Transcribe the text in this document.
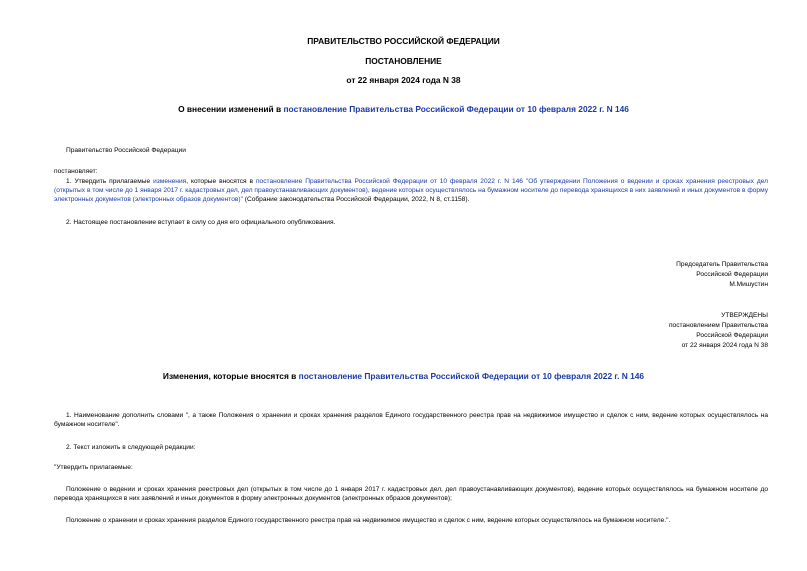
ПРАВИТЕЛЬСТВО РОССИЙСКОЙ ФЕДЕРАЦИИ
ПОСТАНОВЛЕНИЕ
от 22 января 2024 года N 38
О внесении изменений в постановление Правительства Российской Федерации от 10 февраля 2022 г. N 146
Правительство Российской Федерации
постановляет:
1. Утвердить прилагаемые изменения, которые вносятся в постановление Правительства Российской Федерации от 10 февраля 2022 г. N 146 "Об утверждении Положения о ведении и сроках хранения реестровых дел (открытых в том числе до 1 января 2017 г. кадастровых дел, дел правоустанавливающих документов), ведение которых осуществлялось на бумажном носителе до перевода хранящихся в них заявлений и иных документов в форму электронных документов (электронных образов документов)" (Собрание законодательства Российской Федерации, 2022, N 8, ст.1158).
2. Настоящее постановление вступает в силу со дня его официального опубликования.
Председатель Правительства
Российской Федерации
М.Мишустин
УТВЕРЖДЕНЫ
постановлением Правительства
Российской Федерации
от 22 января 2024 года N 38
Изменения, которые вносятся в постановление Правительства Российской Федерации от 10 февраля 2022 г. N 146
1. Наименование дополнить словами ", а также Положения о хранении и сроках хранения разделов Единого государственного реестра прав на недвижимое имущество и сделок с ним, ведение которых осуществлялось на бумажном носителе".
2. Текст изложить в следующей редакции:
"Утвердить прилагаемые:
Положение о ведении и сроках хранения реестровых дел (открытых в том числе до 1 января 2017 г. кадастровых дел, дел правоустанавливающих документов), ведение которых осуществлялось на бумажном носителе до перевода хранящихся в них заявлений и иных документов в форму электронных документов (электронных образов документов);
Положение о хранении и сроках хранения разделов Единого государственного реестра прав на недвижимое имущество и сделок с ним, ведение которых осуществлялось на бумажном носителе.".
